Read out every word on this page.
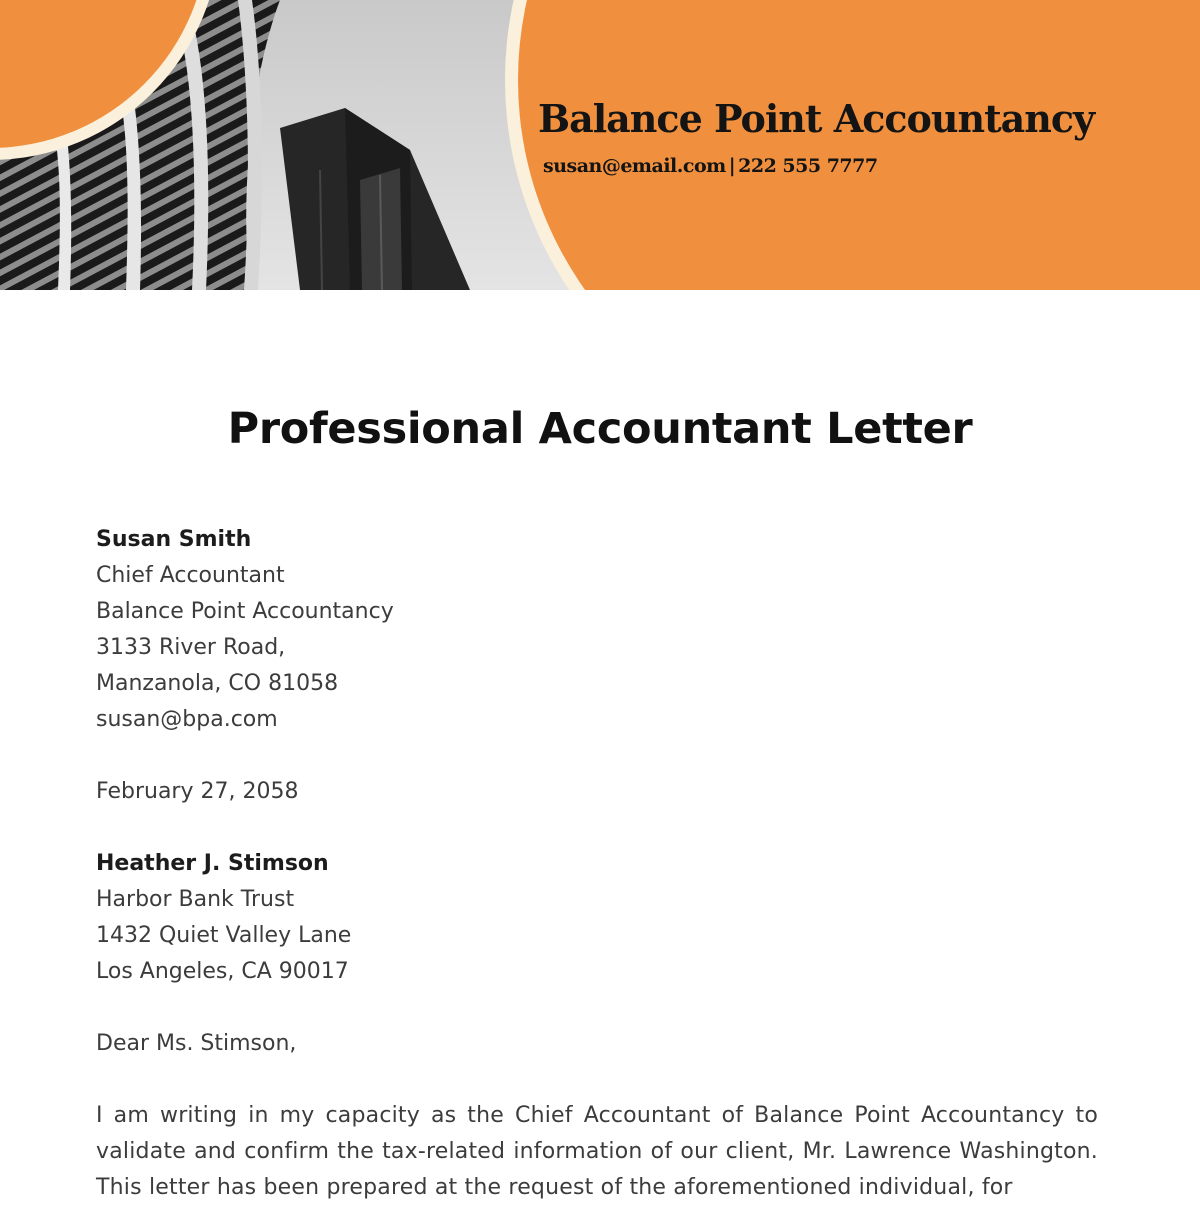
Balance Point Accountancy
susan@email.com | 222 555 7777
Professional Accountant Letter
Susan Smith
Chief Accountant
Balance Point Accountancy
3133 River Road,
Manzanola, CO 81058
susan@bpa.com
February 27, 2058
Heather J. Stimson
Harbor Bank Trust
1432 Quiet Valley Lane
Los Angeles, CA 90017
Dear Ms. Stimson,
I am writing in my capacity as the Chief Accountant of Balance Point Accountancy to validate and confirm the tax-related information of our client, Mr. Lawrence Washington. This letter has been prepared at the request of the aforementioned individual, for
